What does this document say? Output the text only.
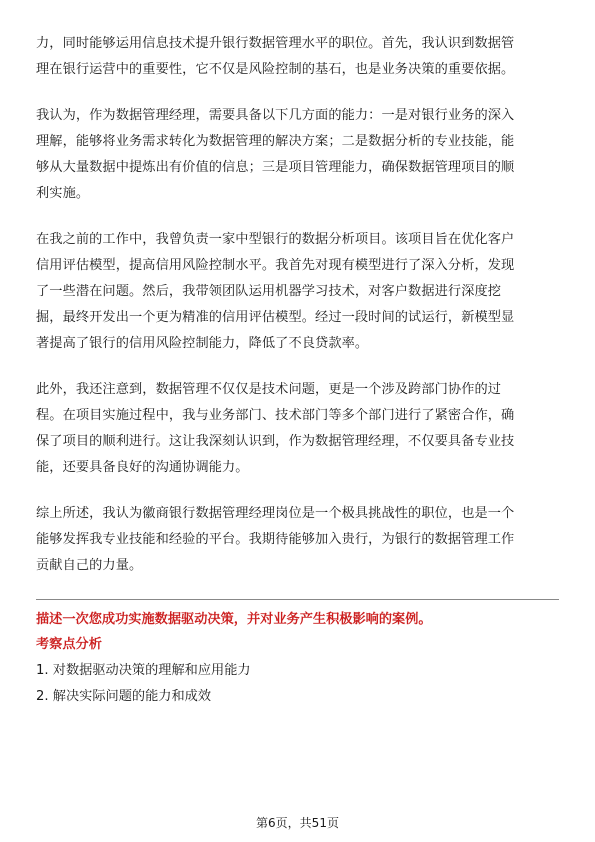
力，同时能够运用信息技术提升银行数据管理水平的职位。首先，我认识到数据管

理在银行运营中的重要性，它不仅是风险控制的基石，也是业务决策的重要依据。

我认为，作为数据管理经理，需要具备以下几方面的能力：一是对银行业务的深入

理解，能够将业务需求转化为数据管理的解决方案；二是数据分析的专业技能，能

够从大量数据中提炼出有价值的信息；三是项目管理能力，确保数据管理项目的顺

利实施。

在我之前的工作中，我曾负责一家中型银行的数据分析项目。该项目旨在优化客户

信用评估模型，提高信用风险控制水平。我首先对现有模型进行了深入分析，发现

了一些潜在问题。然后，我带领团队运用机器学习技术，对客户数据进行深度挖

掘，最终开发出一个更为精准的信用评估模型。经过一段时间的试运行，新模型显

著提高了银行的信用风险控制能力，降低了不良贷款率。

此外，我还注意到，数据管理不仅仅是技术问题，更是一个涉及跨部门协作的过

程。在项目实施过程中，我与业务部门、技术部门等多个部门进行了紧密合作，确

保了项目的顺利进行。这让我深刻认识到，作为数据管理经理，不仅要具备专业技

能，还要具备良好的沟通协调能力。

综上所述，我认为徽商银行数据管理经理岗位是一个极具挑战性的职位，也是一个

能够发挥我专业技能和经验的平台。我期待能够加入贵行，为银行的数据管理工作

贡献自己的力量。

描述一次您成功实施数据驱动决策，并对业务产生积极影响的案例。

考察点分析

1. 对数据驱动决策的理解和应用能力

2. 解决实际问题的能力和成效

第6页，共51页
